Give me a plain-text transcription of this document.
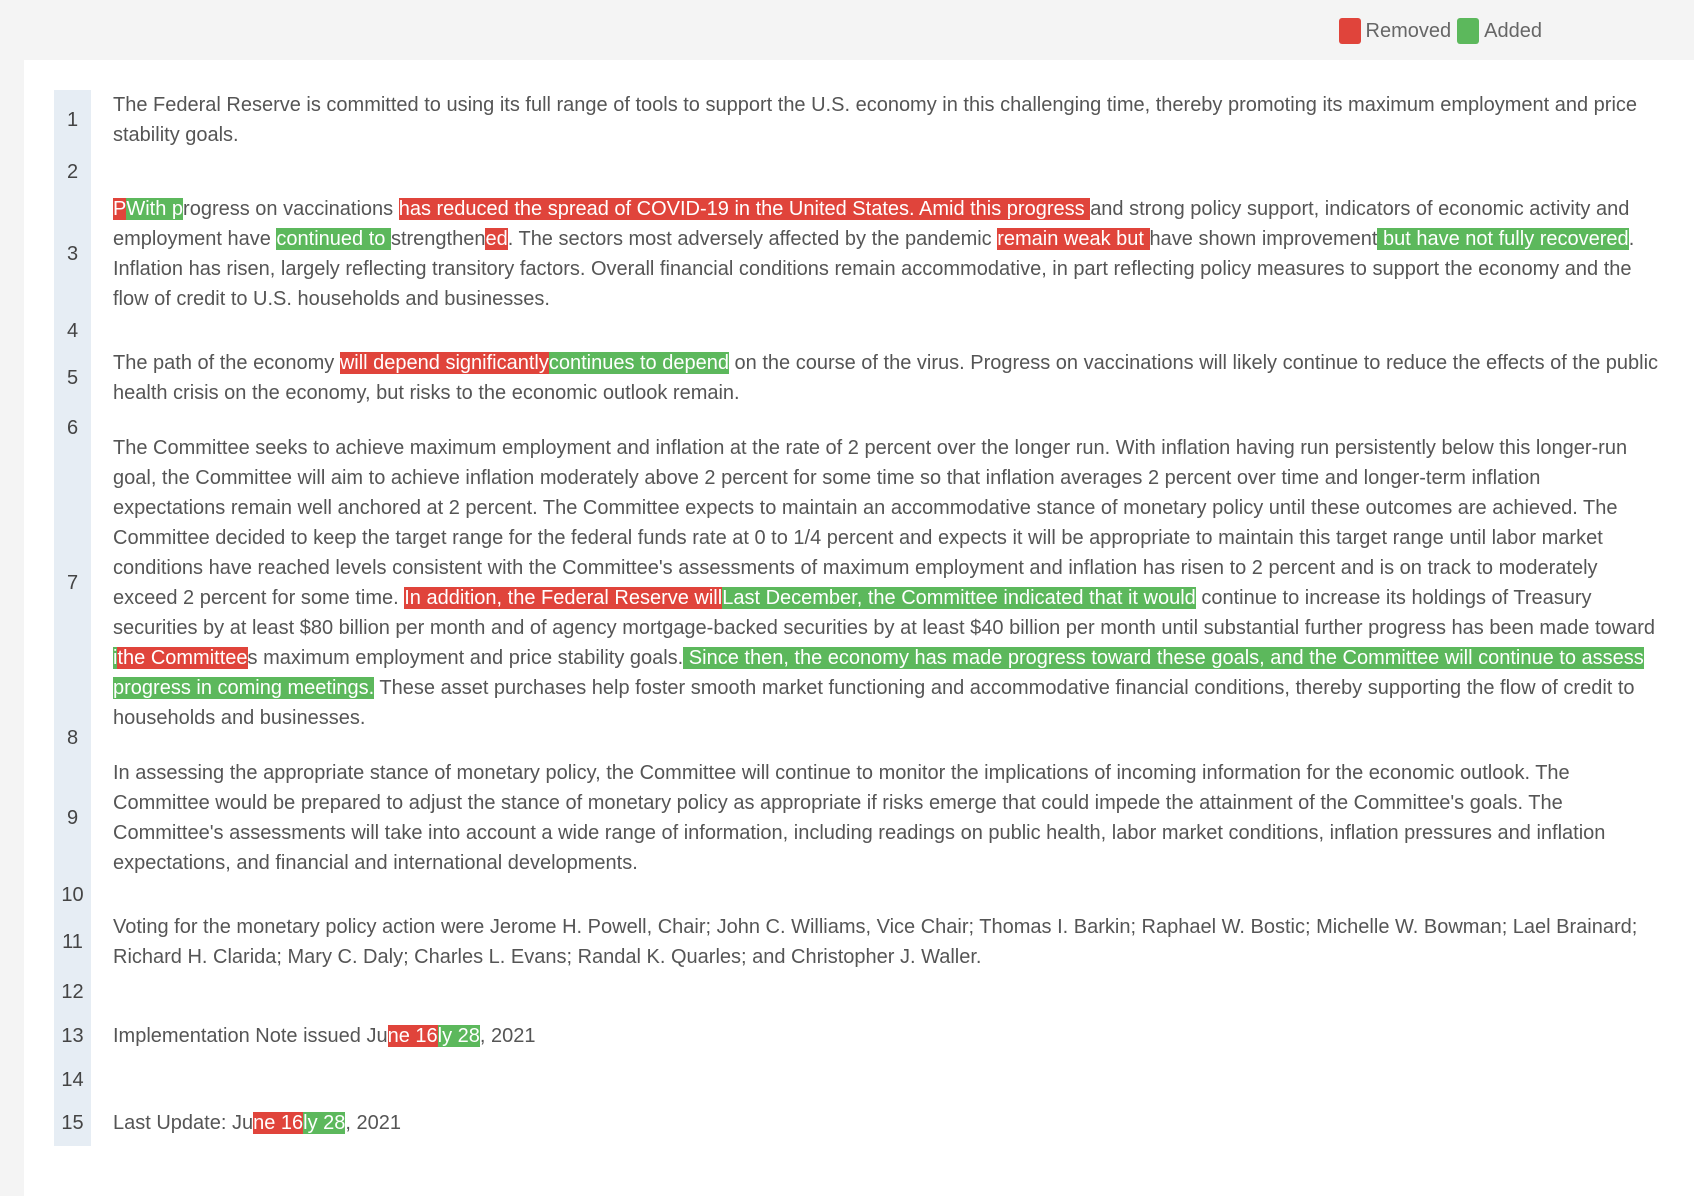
Removed Added
1

The Federal Reserve is committed to using its full range of tools to support the U.S. economy in this challenging time, thereby promoting its maximum employment and price stability goals.

2

3

PWith progress on vaccinations has reduced the spread of COVID-19 in the United States. Amid this progress and strong policy support, indicators of economic activity and employment have continued to strengthened. The sectors most adversely affected by the pandemic remain weak but have shown improvement but have not fully recovered. Inflation has risen, largely reflecting transitory factors. Overall financial conditions remain accommodative, in part reflecting policy measures to support the economy and the flow of credit to U.S. households and businesses.

4

5

The path of the economy will depend significantlycontinues to depend on the course of the virus. Progress on vaccinations will likely continue to reduce the effects of the public health crisis on the economy, but risks to the economic outlook remain.

6

7

The Committee seeks to achieve maximum employment and inflation at the rate of 2 percent over the longer run. With inflation having run persistently below this longer-run goal, the Committee will aim to achieve inflation moderately above 2 percent for some time so that inflation averages 2 percent over time and longer-term inflation expectations remain well anchored at 2 percent. The Committee expects to maintain an accommodative stance of monetary policy until these outcomes are achieved. The Committee decided to keep the target range for the federal funds rate at 0 to 1/4 percent and expects it will be appropriate to maintain this target range until labor market conditions have reached levels consistent with the Committee's assessments of maximum employment and inflation has risen to 2 percent and is on track to moderately exceed 2 percent for some time. In addition, the Federal Reserve willLast December, the Committee indicated that it would continue to increase its holdings of Treasury securities by at least $80 billion per month and of agency mortgage-backed securities by at least $40 billion per month until substantial further progress has been made toward ithe Committees maximum employment and price stability goals. Since then, the economy has made progress toward these goals, and the Committee will continue to assess progress in coming meetings. These asset purchases help foster smooth market functioning and accommodative financial conditions, thereby supporting the flow of credit to households and businesses.

8

9

In assessing the appropriate stance of monetary policy, the Committee will continue to monitor the implications of incoming information for the economic outlook. The Committee would be prepared to adjust the stance of monetary policy as appropriate if risks emerge that could impede the attainment of the Committee's goals. The Committee's assessments will take into account a wide range of information, including readings on public health, labor market conditions, inflation pressures and inflation expectations, and financial and international developments.

10

11

Voting for the monetary policy action were Jerome H. Powell, Chair; John C. Williams, Vice Chair; Thomas I. Barkin; Raphael W. Bostic; Michelle W. Bowman; Lael Brainard; Richard H. Clarida; Mary C. Daly; Charles L. Evans; Randal K. Quarles; and Christopher J. Waller.

12

13	Implementation Note issued June 16ly 28, 2021

14

15	Last Update: June 16ly 28, 2021
